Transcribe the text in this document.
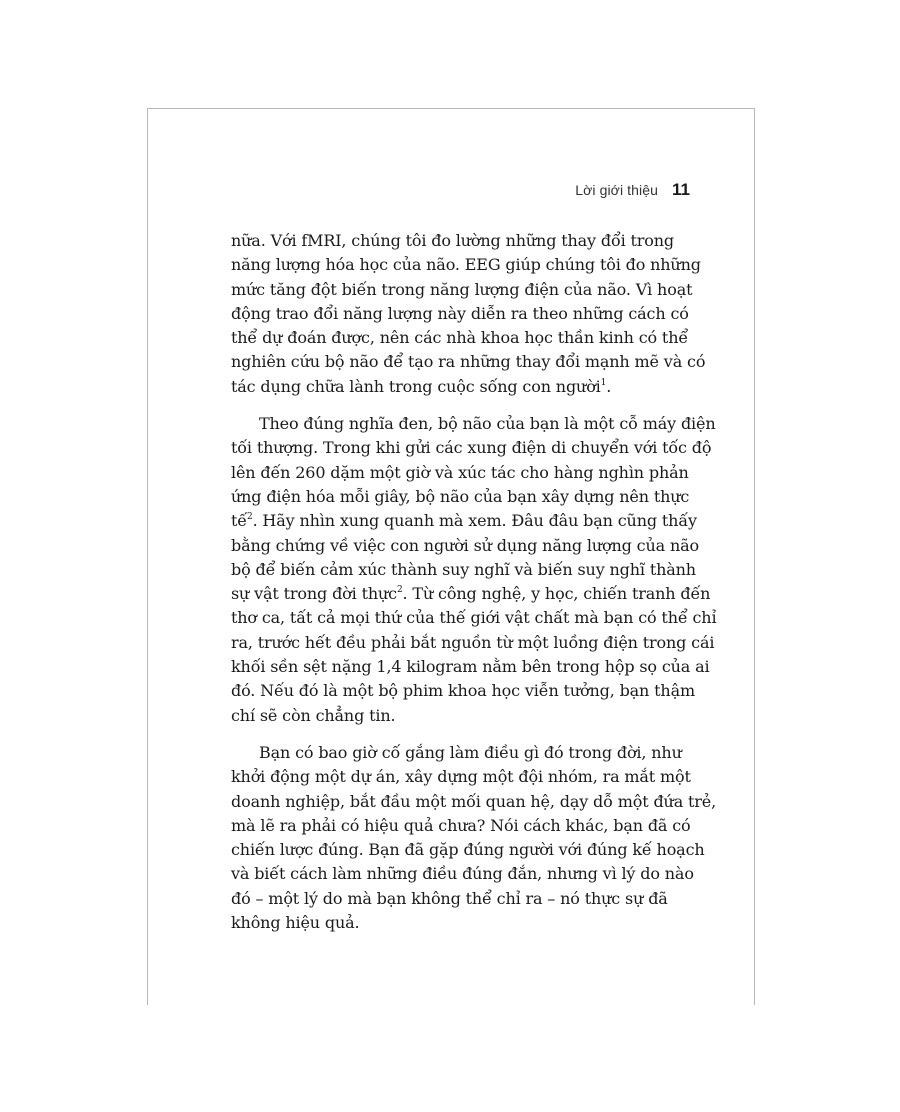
Lời giới thiệu 11
nữa. Với fMRI, chúng tôi đo lường những thay đổi trong
năng lượng hóa học của não. EEG giúp chúng tôi đo những
mức tăng đột biến trong năng lượng điện của não. Vì hoạt
động trao đổi năng lượng này diễn ra theo những cách có
thể dự đoán được, nên các nhà khoa học thần kinh có thể
nghiên cứu bộ não để tạo ra những thay đổi mạnh mẽ và có
tác dụng chữa lành trong cuộc sống con người$^1$.
Theo đúng nghĩa đen, bộ não của bạn là một cỗ máy điện
tối thượng. Trong khi gửi các xung điện di chuyển với tốc độ
lên đến 260 dặm một giờ và xúc tác cho hàng nghìn phản
ứng điện hóa mỗi giây, bộ não của bạn xây dựng nên thực
tế$^2$. Hãy nhìn xung quanh mà xem. Đâu đâu bạn cũng thấy
bằng chứng về việc con người sử dụng năng lượng của não
bộ để biến cảm xúc thành suy nghĩ và biến suy nghĩ thành
sự vật trong đời thực$^2$. Từ công nghệ, y học, chiến tranh đến
thơ ca, tất cả mọi thứ của thế giới vật chất mà bạn có thể chỉ
ra, trước hết đều phải bắt nguồn từ một luồng điện trong cái
khối sền sệt nặng 1,4 kilogram nằm bên trong hộp sọ của ai
đó. Nếu đó là một bộ phim khoa học viễn tưởng, bạn thậm
chí sẽ còn chẳng tin.
Bạn có bao giờ cố gắng làm điều gì đó trong đời, như
khởi động một dự án, xây dựng một đội nhóm, ra mắt một
doanh nghiệp, bắt đầu một mối quan hệ, dạy dỗ một đứa trẻ,
mà lẽ ra phải có hiệu quả chưa? Nói cách khác, bạn đã có
chiến lược đúng. Bạn đã gặp đúng người với đúng kế hoạch
và biết cách làm những điều đúng đắn, nhưng vì lý do nào
đó – một lý do mà bạn không thể chỉ ra – nó thực sự đã
không hiệu quả.
